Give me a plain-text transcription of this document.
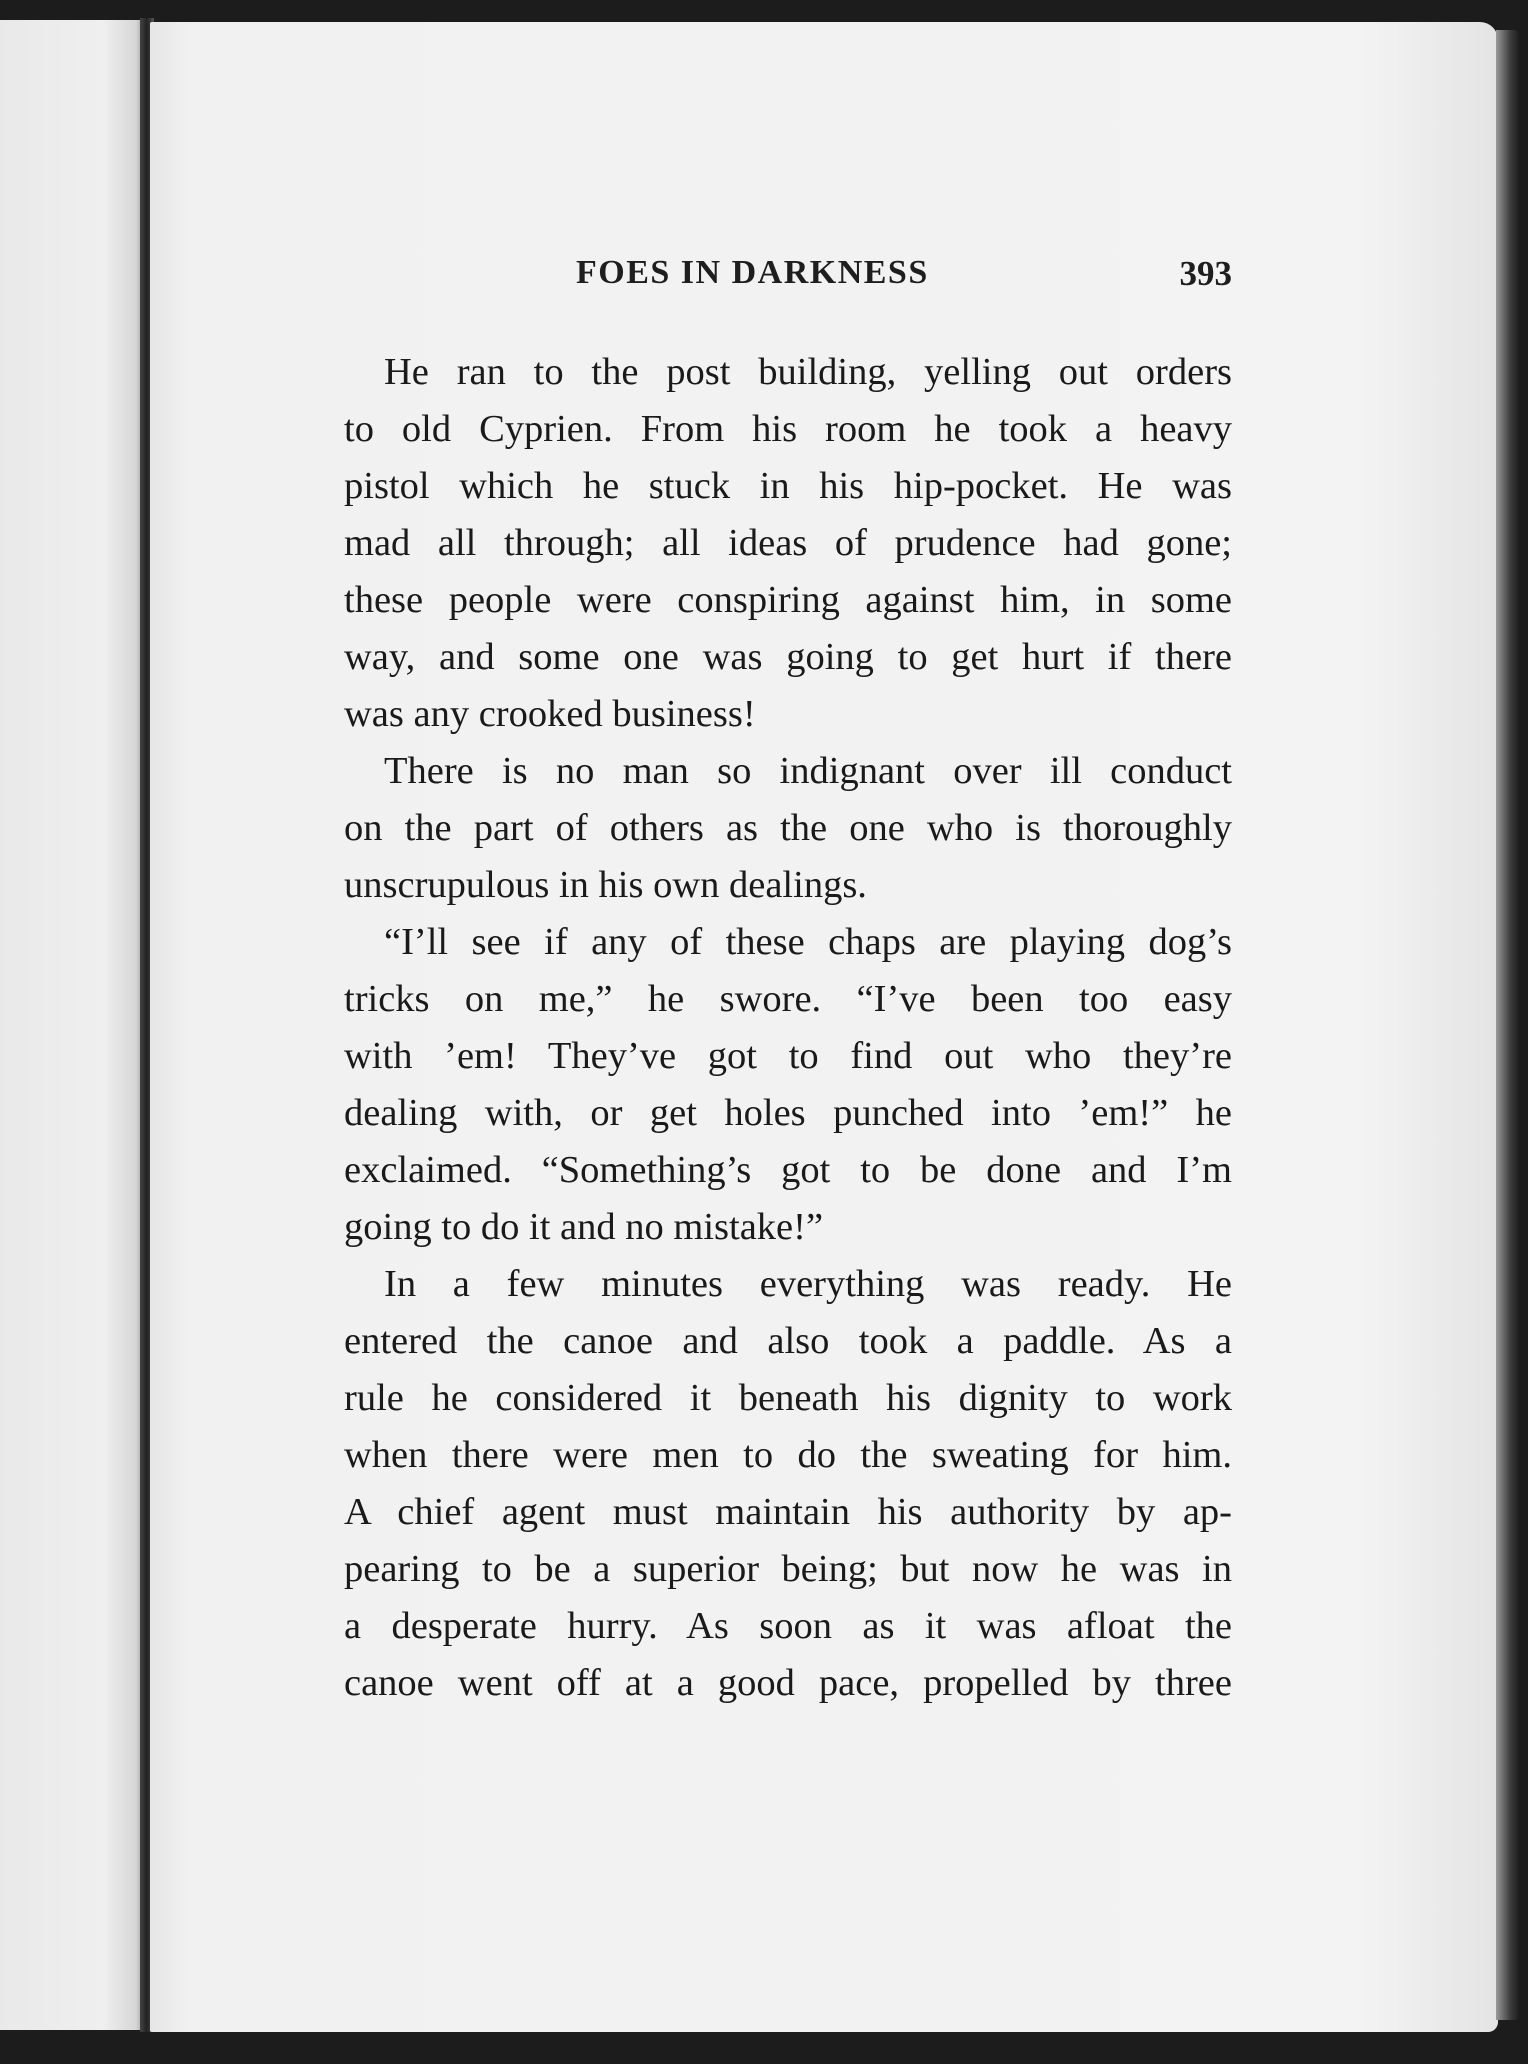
FOES IN DARKNESS	393

He ran to the post building, yelling out orders
to old Cyprien. From his room he took a heavy
pistol which he stuck in his hip-pocket. He was
mad all through; all ideas of prudence had gone;
these people were conspiring against him, in some
way, and some one was going to get hurt if there
was any crooked business!

There is no man so indignant over ill conduct
on the part of others as the one who is thoroughly
unscrupulous in his own dealings.

“I’ll see if any of these chaps are playing dog’s
tricks on me,” he swore. “I’ve been too easy
with ’em! They’ve got to find out who they’re
dealing with, or get holes punched into ’em!” he
exclaimed. “Something’s got to be done and I’m
going to do it and no mistake!”

In a few minutes everything was ready. He
entered the canoe and also took a paddle. As a
rule he considered it beneath his dignity to work
when there were men to do the sweating for him.
A chief agent must maintain his authority by ap-
pearing to be a superior being; but now he was in
a desperate hurry. As soon as it was afloat the
canoe went off at a good pace, propelled by three
